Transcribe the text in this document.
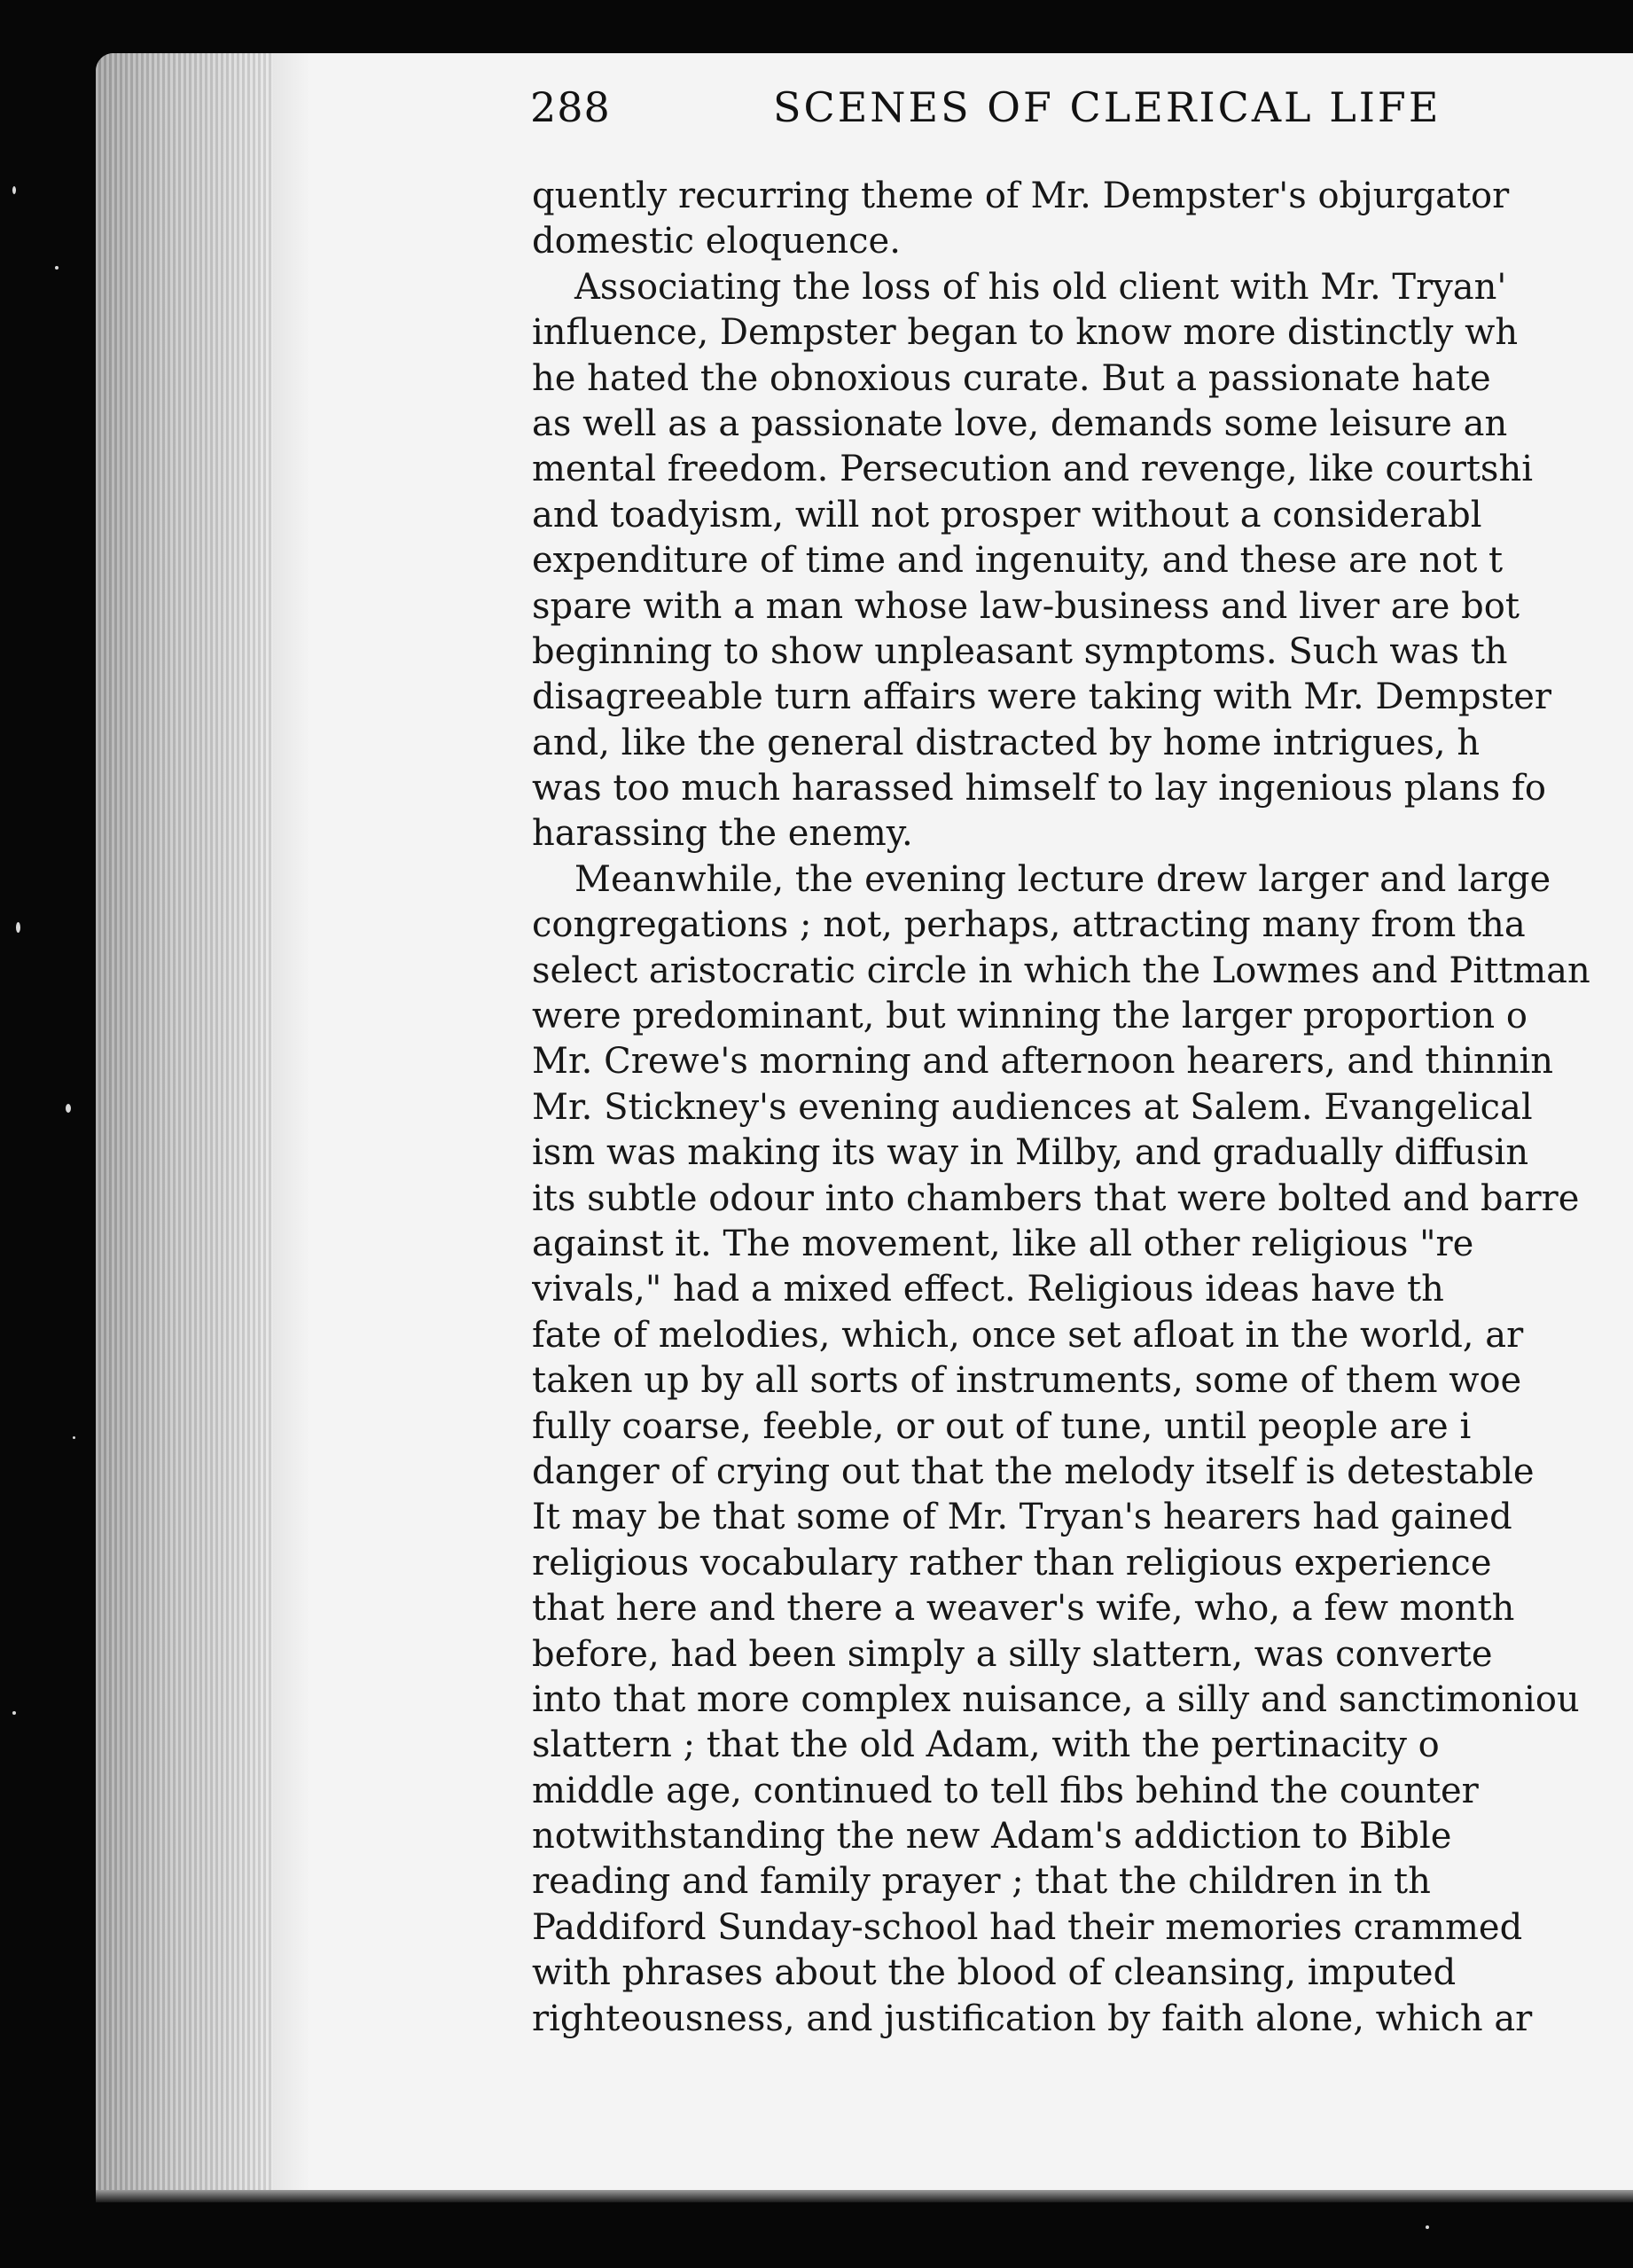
288	SCENES OF CLERICAL LIFE
quently recurring theme of Mr. Dempster's objurgator
domestic eloquence.
Associating the loss of his old client with Mr. Tryan'
influence, Dempster began to know more distinctly wh
he hated the obnoxious curate. But a passionate hate
as well as a passionate love, demands some leisure an
mental freedom. Persecution and revenge, like courtshi
and toadyism, will not prosper without a considerabl
expenditure of time and ingenuity, and these are not t
spare with a man whose law-business and liver are bot
beginning to show unpleasant symptoms. Such was th
disagreeable turn affairs were taking with Mr. Dempster
and, like the general distracted by home intrigues, h
was too much harassed himself to lay ingenious plans fo
harassing the enemy.
Meanwhile, the evening lecture drew larger and large
congregations ; not, perhaps, attracting many from tha
select aristocratic circle in which the Lowmes and Pittman
were predominant, but winning the larger proportion o
Mr. Crewe's morning and afternoon hearers, and thinnin
Mr. Stickney's evening audiences at Salem. Evangelical
ism was making its way in Milby, and gradually diffusin
its subtle odour into chambers that were bolted and barre
against it. The movement, like all other religious "re
vivals," had a mixed effect. Religious ideas have th
fate of melodies, which, once set afloat in the world, ar
taken up by all sorts of instruments, some of them woe
fully coarse, feeble, or out of tune, until people are i
danger of crying out that the melody itself is detestable
It may be that some of Mr. Tryan's hearers had gained
religious vocabulary rather than religious experience
that here and there a weaver's wife, who, a few month
before, had been simply a silly slattern, was converte
into that more complex nuisance, a silly and sanctimoniou
slattern ; that the old Adam, with the pertinacity o
middle age, continued to tell fibs behind the counter
notwithstanding the new Adam's addiction to Bible
reading and family prayer ; that the children in th
Paddiford Sunday-school had their memories crammed
with phrases about the blood of cleansing, imputed
righteousness, and justification by faith alone, which ar
